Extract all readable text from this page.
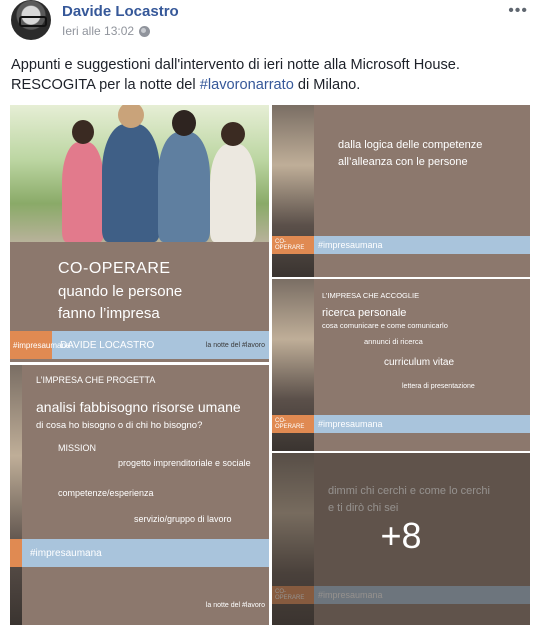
Davide Locastro
Ieri alle 13:02
•••
Appunti e suggestioni dall'intervento di ieri notte alla Microsoft House.
RESCOGITA per la notte del #lavoronarrato di Milano.
CO-OPERARE
quando le persone
fanno l’impresa
#impresaumana
DAVIDE LOCASTRO	la notte del #lavoro
L’IMPRESA CHE PROGETTA
analisi fabbisogno risorse umane
di cosa ho bisogno o di chi ho bisogno?
MISSION
progetto imprenditoriale e sociale
competenze/esperienza
servizio/gruppo di lavoro
#impresaumana
la notte del #lavoro
dalla logica delle competenze
all’alleanza con le persone
CO-OPERARE	#impresaumana
L’IMPRESA CHE ACCOGLIE
ricerca personale
cosa comunicare e come comunicarlo
annunci di ricerca
curriculum vitae
lettera di presentazione
CO-OPERARE	#impresaumana
+8
